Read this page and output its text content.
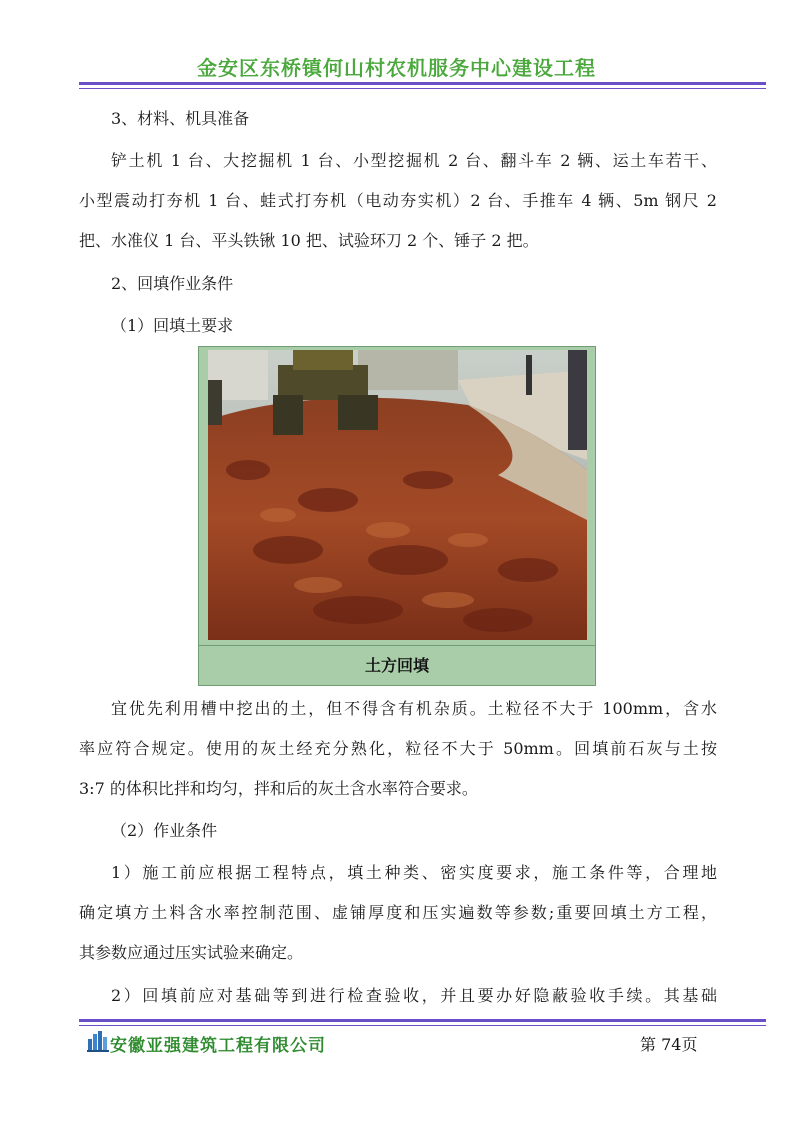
金安区东桥镇何山村农机服务中心建设工程
3、材料、机具准备
铲土机 1 台、大挖掘机 1 台、小型挖掘机 2 台、翻斗车 2 辆、运土车若干、
小型震动打夯机 1 台、蛙式打夯机（电动夯实机）2 台、手推车 4 辆、5m 钢尺 2
把、水准仪 1 台、平头铁锹 10 把、试验环刀 2 个、锤子 2 把。
2、回填作业条件
（1）回填土要求
土方回填
宜优先利用槽中挖出的土，但不得含有机杂质。土粒径不大于 100mm，含水
率应符合规定。使用的灰土经充分熟化，粒径不大于 50mm。回填前石灰与土按
3:7 的体积比拌和均匀，拌和后的灰土含水率符合要求。
（2）作业条件
1）施工前应根据工程特点，填土种类、密实度要求，施工条件等，合理地
确定填方土料含水率控制范围、虚铺厚度和压实遍数等参数;重要回填土方工程，
其参数应通过压实试验来确定。
2）回填前应对基础等到进行检查验收，并且要办好隐蔽验收手续。其基础
安徽亚强建筑工程有限公司	第 74页
